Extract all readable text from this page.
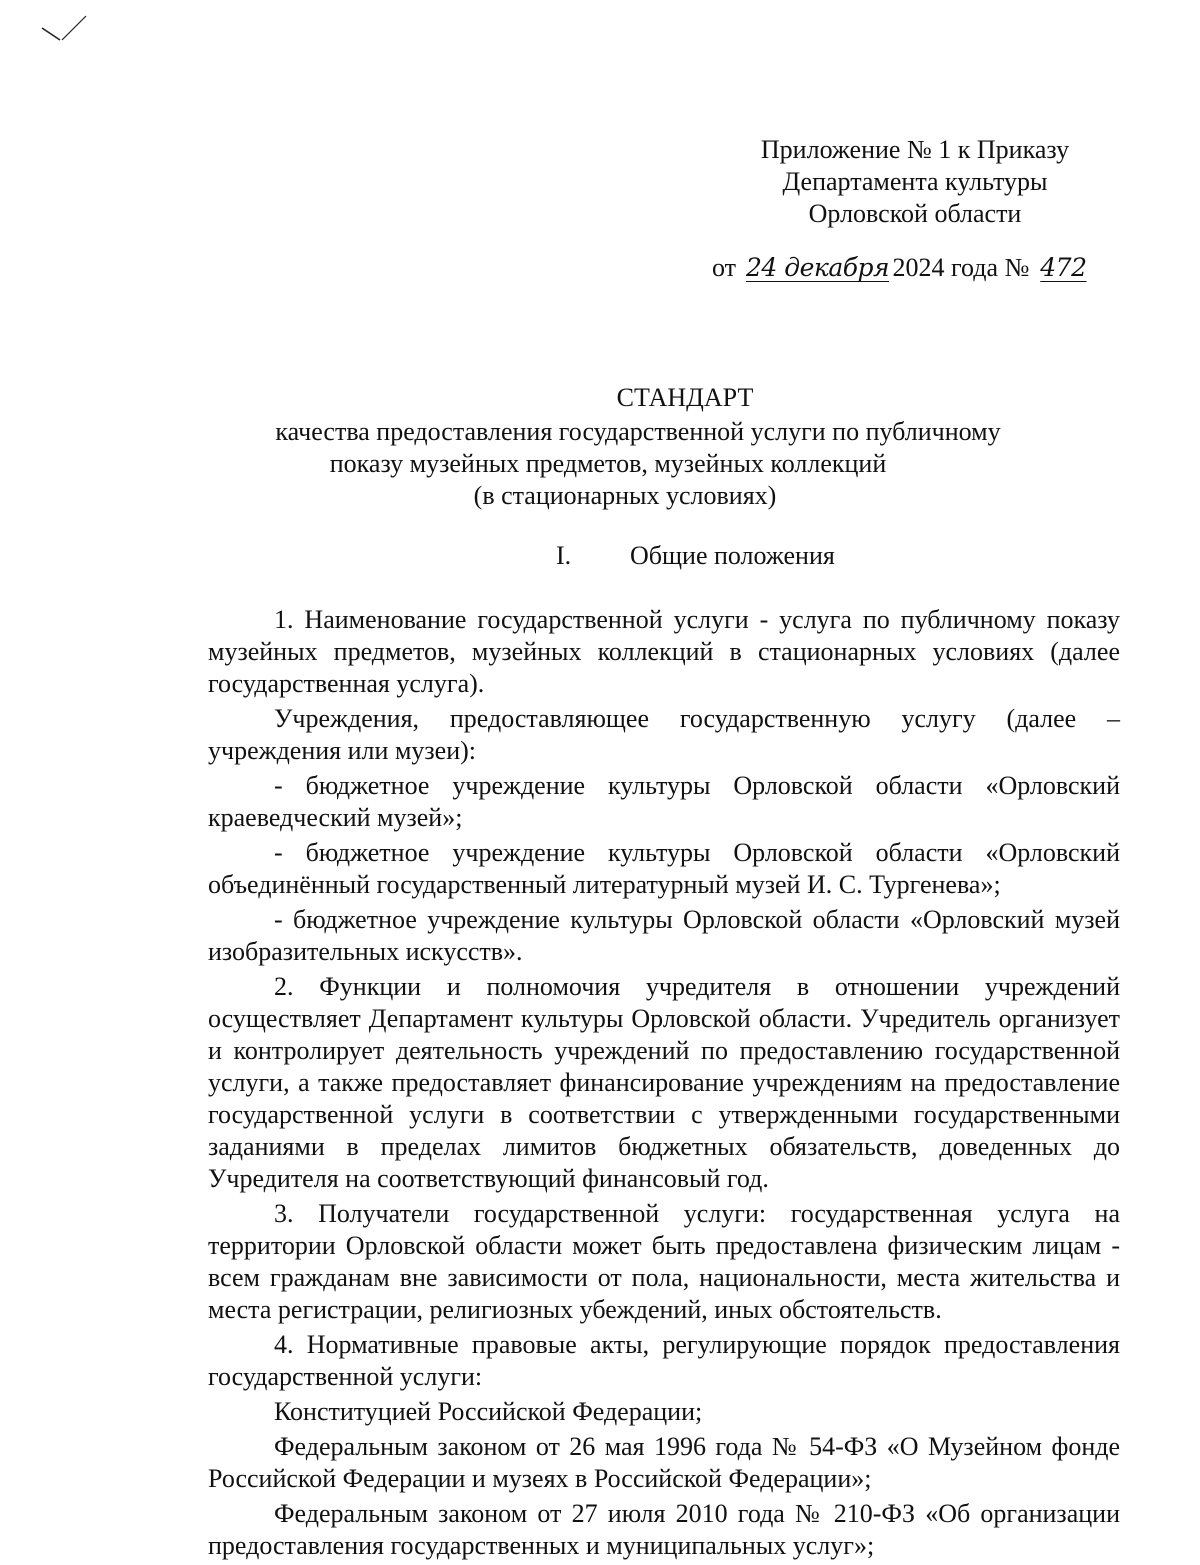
Приложение № 1 к Приказу
Департамента культуры
Орловской области
от 24 декабря 2024 года № 472
СТАНДАРТ
качества предоставления государственной услуги по публичному
показу музейных предметов, музейных коллекций
(в стационарных условиях)
I. Общие положения

1. Наименование государственной услуги - услуга по публичному показу музейных предметов, музейных коллекций в стационарных условиях (далее государственная услуга).

Учреждения, предоставляющее государственную услугу (далее – учреждения или музеи):

- бюджетное учреждение культуры Орловской области «Орловский краеведческий музей»;

- бюджетное учреждение культуры Орловской области «Орловский объединённый государственный литературный музей И. С. Тургенева»;

- бюджетное учреждение культуры Орловской области «Орловский музей изобразительных искусств».

2. Функции и полномочия учредителя в отношении учреждений осуществляет Департамент культуры Орловской области. Учредитель организует и контролирует деятельность учреждений по предоставлению государственной услуги, а также предоставляет финансирование учреждениям на предоставление государственной услуги в соответствии с утвержденными государственными заданиями в пределах лимитов бюджетных обязательств, доведенных до Учредителя на соответствующий финансовый год.

3. Получатели государственной услуги: государственная услуга на территории Орловской области может быть предоставлена физическим лицам - всем гражданам вне зависимости от пола, национальности, места жительства и места регистрации, религиозных убеждений, иных обстоятельств.

4. Нормативные правовые акты, регулирующие порядок предоставления государственной услуги:

Конституцией Российской Федерации;

Федеральным законом от 26 мая 1996 года № 54-ФЗ «О Музейном фонде Российской Федерации и музеях в Российской Федерации»;

Федеральным законом от 27 июля 2010 года № 210-ФЗ «Об организации предоставления государственных и муниципальных услуг»;
